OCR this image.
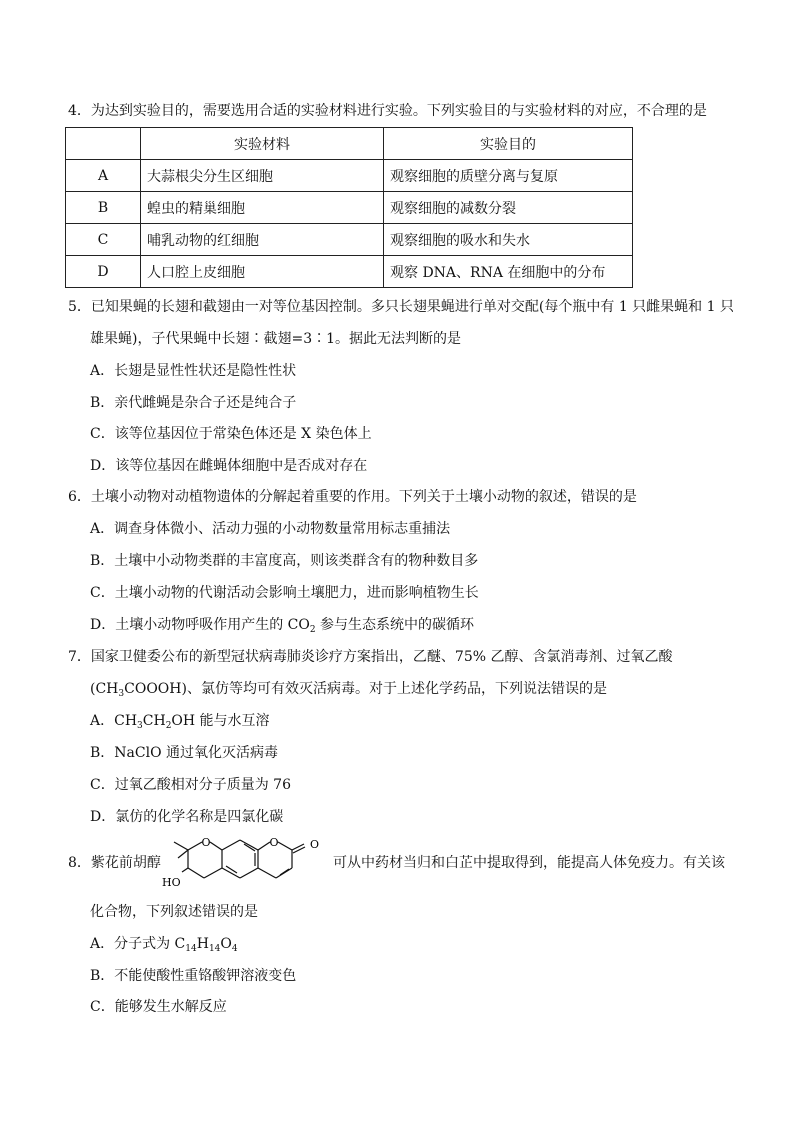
4．为达到实验目的，需要选用合适的实验材料进行实验。下列实验目的与实验材料的对应，不合理的是
	实验材料	实验目的
A	大蒜根尖分生区细胞	观察细胞的质壁分离与复原
B	蝗虫的精巢细胞	观察细胞的减数分裂
C	哺乳动物的红细胞	观察细胞的吸水和失水
D	人口腔上皮细胞	观察 DNA、RNA 在细胞中的分布
5．已知果蝇的长翅和截翅由一对等位基因控制。多只长翅果蝇进行单对交配(每个瓶中有 1 只雌果蝇和 1 只
雄果蝇)，子代果蝇中长翅∶截翅=3∶1。据此无法判断的是
A．长翅是显性性状还是隐性性状
B．亲代雌蝇是杂合子还是纯合子
C．该等位基因位于常染色体还是 X 染色体上
D．该等位基因在雌蝇体细胞中是否成对存在
6．土壤小动物对动植物遗体的分解起着重要的作用。下列关于土壤小动物的叙述，错误的是
A．调查身体微小、活动力强的小动物数量常用标志重捕法
B．土壤中小动物类群的丰富度高，则该类群含有的物种数目多
C．土壤小动物的代谢活动会影响土壤肥力，进而影响植物生长
D．土壤小动物呼吸作用产生的 $CO_2$ 参与生态系统中的碳循环
7．国家卫健委公布的新型冠状病毒肺炎诊疗方案指出，乙醚、75% 乙醇、含氯消毒剂、过氧乙酸
$(CH_3COOOH)$、氯仿等均可有效灭活病毒。对于上述化学药品，下列说法错误的是
A．$CH_3CH_2OH$ 能与水互溶
B．NaClO 通过氧化灭活病毒
C．过氧乙酸相对分子质量为 76
D．氯仿的化学名称是四氯化碳
8．紫花前胡醇
O	O	O
HO
可从中药材当归和白芷中提取得到，能提高人体免疫力。有关该
化合物，下列叙述错误的是
A．分子式为 $C_{14}H_{14}O_4$
B．不能使酸性重铬酸钾溶液变色
C．能够发生水解反应
